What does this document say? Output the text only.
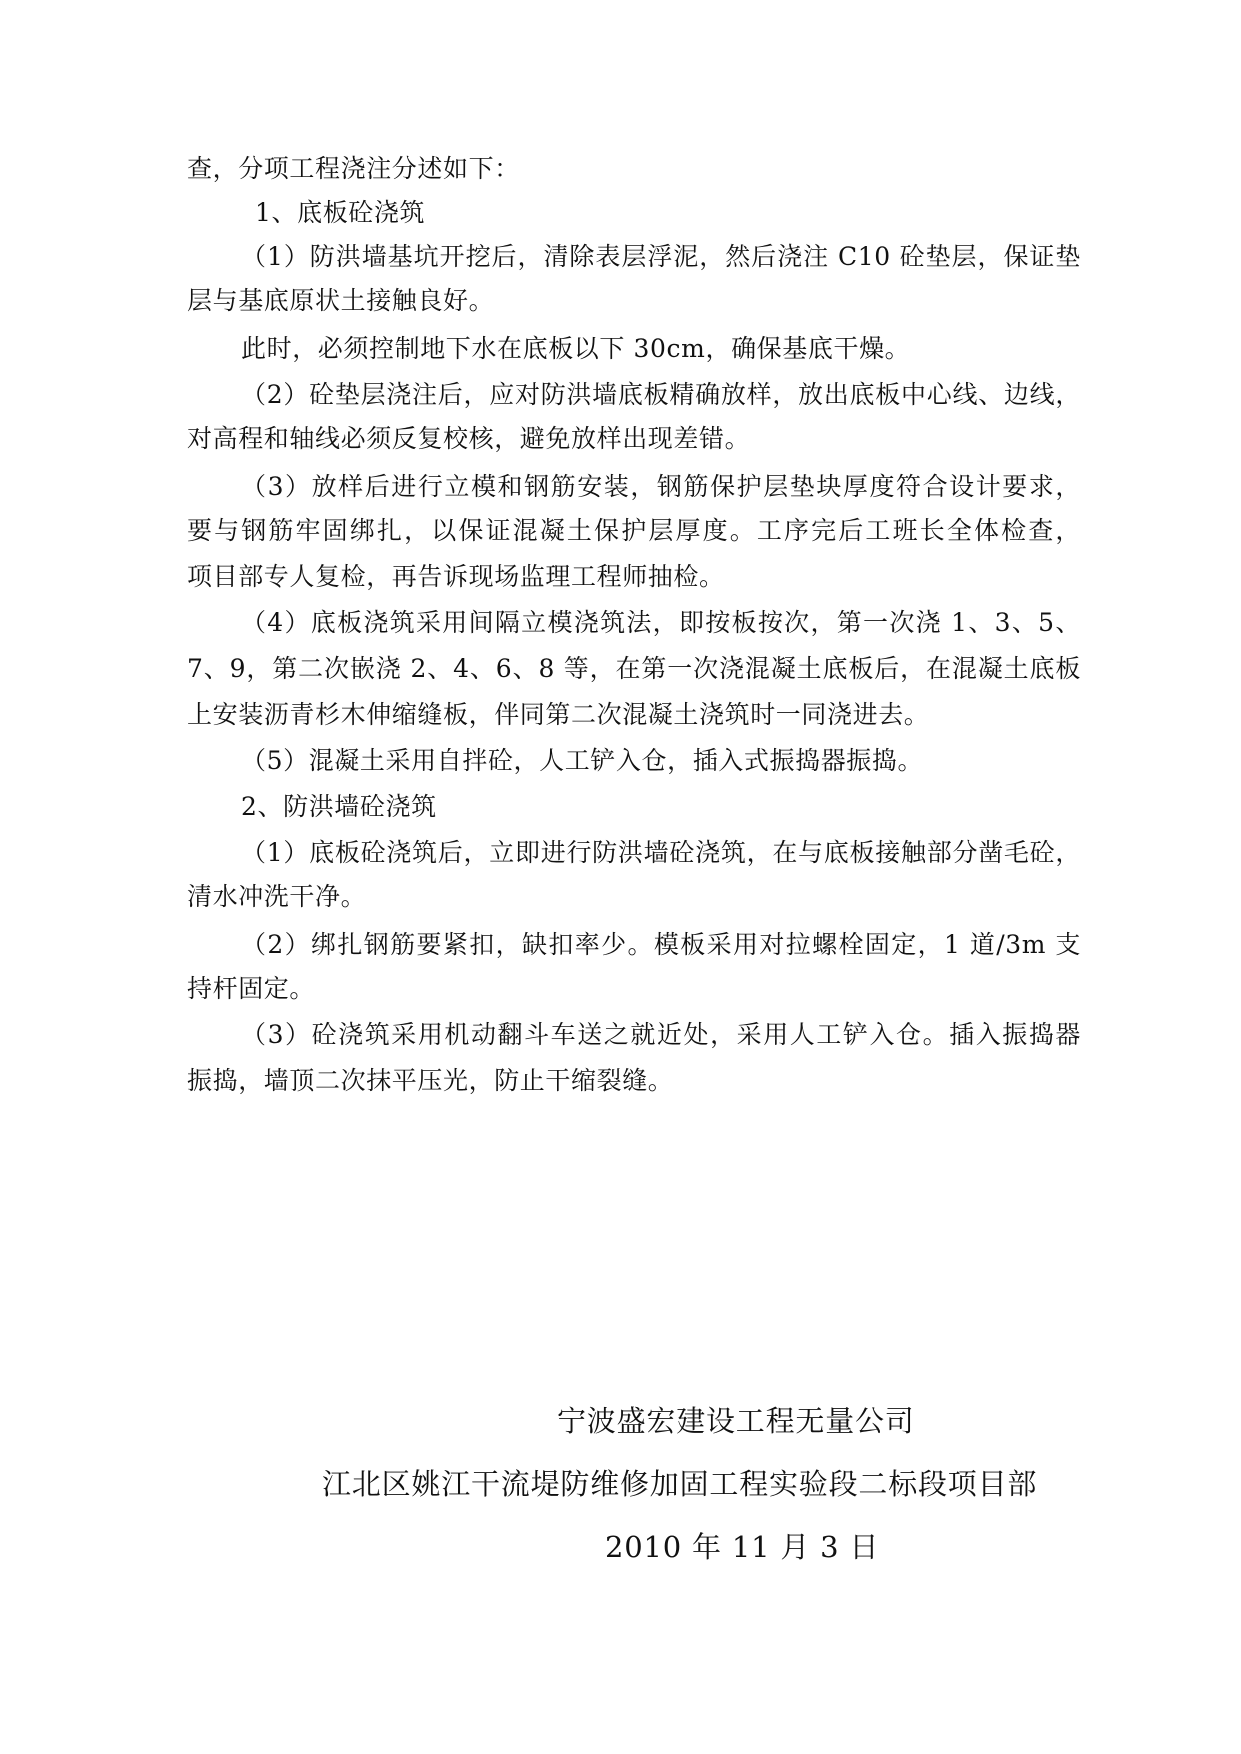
查，分项工程浇注分述如下：

1、底板砼浇筑

（1）防洪墙基坑开挖后，清除表层浮泥，然后浇注 C10 砼垫层，保证垫

层与基底原状土接触良好。

此时，必须控制地下水在底板以下 30cm，确保基底干燥。

（2）砼垫层浇注后，应对防洪墙底板精确放样，放出底板中心线、边线，

对高程和轴线必须反复校核，避免放样出现差错。

（3）放样后进行立模和钢筋安装，钢筋保护层垫块厚度符合设计要求，

要与钢筋牢固绑扎，以保证混凝土保护层厚度。工序完后工班长全体检查，

项目部专人复检，再告诉现场监理工程师抽检。

（4）底板浇筑采用间隔立模浇筑法，即按板按次，第一次浇 1、3、5、

7、9，第二次嵌浇 2、4、6、8 等，在第一次浇混凝土底板后，在混凝土底板

上安装沥青杉木伸缩缝板，伴同第二次混凝土浇筑时一同浇进去。

（5）混凝土采用自拌砼，人工铲入仓，插入式振捣器振捣。

2、防洪墙砼浇筑

（1）底板砼浇筑后，立即进行防洪墙砼浇筑，在与底板接触部分凿毛砼，

清水冲洗干净。

（2）绑扎钢筋要紧扣，缺扣率少。模板采用对拉螺栓固定，1 道/3m 支

持杆固定。

（3）砼浇筑采用机动翻斗车送之就近处，采用人工铲入仓。插入振捣器

振捣，墙顶二次抹平压光，防止干缩裂缝。

宁波盛宏建设工程无量公司

江北区姚江干流堤防维修加固工程实验段二标段项目部

2010 年 11 月 3 日
